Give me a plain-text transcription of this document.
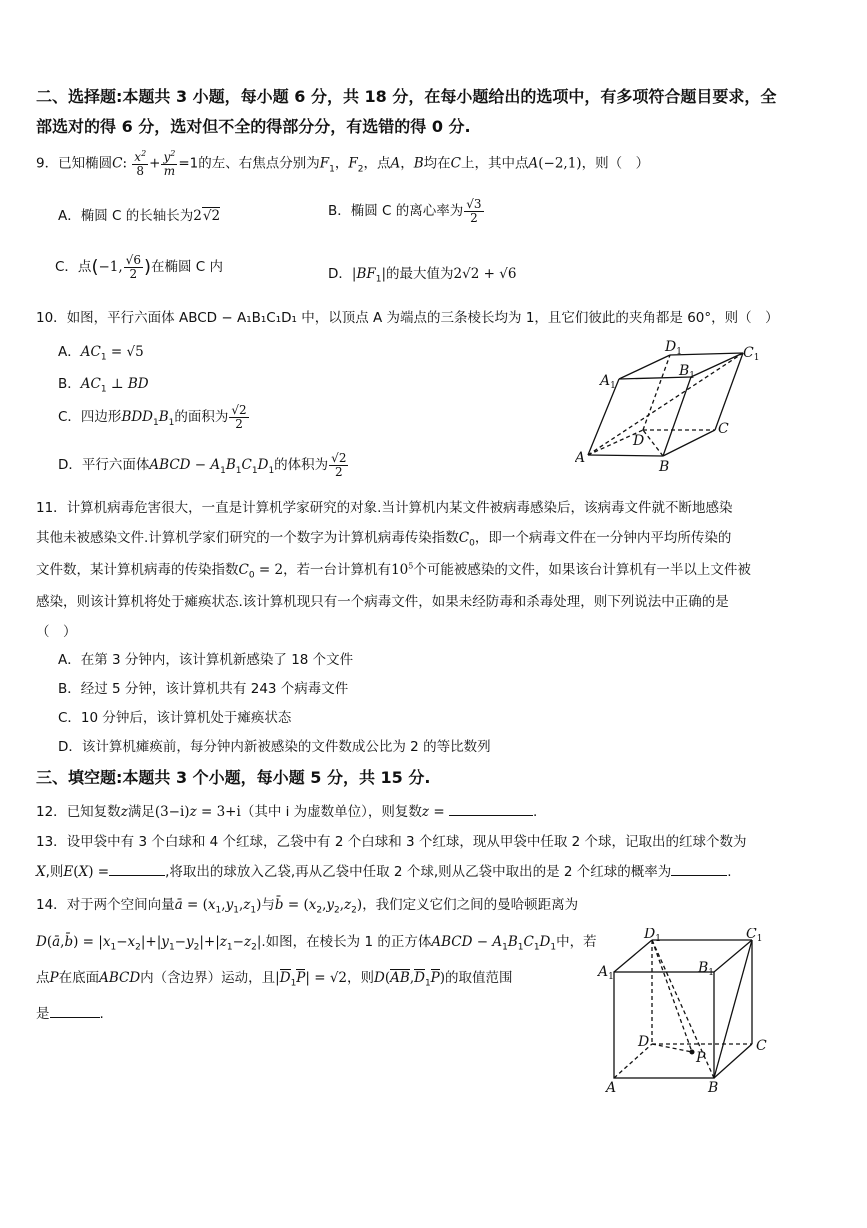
二、选择题:本题共 3 小题，每小题 6 分，共 18 分，在每小题给出的选项中，有多项符合题目要求，全
部选对的得 6 分，选对但不全的得部分分，有选错的得 0 分.
9．已知椭圆C: $\frac{x^2}{8} + \frac{y^2}{m} =1$的左、右焦点分别为$F_1$，$F_2$，点A，B均在C上，其中点A(−2,1)，则（　）
A．椭圆 C 的长轴长为2√2	B．椭圆 C 的离心率为 $\frac{√3}{2}$
C．点(−1, $\frac{√6}{2}$ )在椭圆 C 内	D．$|BF_1|$的最大值为2√2 + √6
10．如图，平行六面体 ABCD − A₁B₁C₁D₁ 中，以顶点 A 为端点的三条棱长均为 1，且它们彼此的夹角都是 60°，则（　）
A．$AC_1 = √5$
B．$AC_1$ ⊥ BD
C．四边形$BDD_1B_1$的面积为 $\frac{√2}{2}$
D．平行六面体ABCD − $A_1B_1C_1D_1$的体积为 $\frac{√2}{2}$	A
B
C
D
$A_1$
$B_1$
$C_1$
$D_1$
11．计算机病毒危害很大，一直是计算机学家研究的对象.当计算机内某文件被病毒感染后，该病毒文件就不断地感染
其他未被感染文件.计算机学家们研究的一个数字为计算机病毒传染指数$C_0$，即一个病毒文件在一分钟内平均所传染的
文件数，某计算机病毒的传染指数$C_0 = 2$，若一台计算机有$10^5$个可能被感染的文件，如果该台计算机有一半以上文件被
感染，则该计算机将处于瘫痪状态.该计算机现只有一个病毒文件，如果未经防毒和杀毒处理，则下列说法中正确的是
（　）
A．在第 3 分钟内，该计算机新感染了 18 个文件
B．经过 5 分钟，该计算机共有 243 个病毒文件
C．10 分钟后，该计算机处于瘫痪状态
D．该计算机瘫痪前，每分钟内新被感染的文件数成公比为 2 的等比数列
三、填空题:本题共 3 个小题，每小题 5 分，共 15 分.
12．已知复数z满足(3−i)z = 3+i（其中 i 为虚数单位），则复数z =	.
13．设甲袋中有 3 个白球和 4 个红球，乙袋中有 2 个白球和 3 个红球，现从甲袋中任取 2 个球，记取出的红球个数为
X,则E(X) =	,将取出的球放入乙袋,再从乙袋中任取 2 个球,则从乙袋中取出的是 2 个红球的概率为	.
14．对于两个空间向量ā = $(x_1,y_1,z_1)$与b̄ = $(x_2,y_2,z_2)$，我们定义它们之间的曼哈顿距离为
D(ā,b̄) = $|x_1-x_2|+|y_1-y_2|+|z_1-z_2|$.如图，在棱长为 1 的正方体ABCD − $A_1B_1C_1D_1$中，若
点P在底面ABCD内（含边界）运动，且$|D_1P| = √2$，则$D(AB,D_1P)$的取值范围
是	.
A	B
C
D
P
$A_1$
$B_1$
$C_1$
$D_1$
